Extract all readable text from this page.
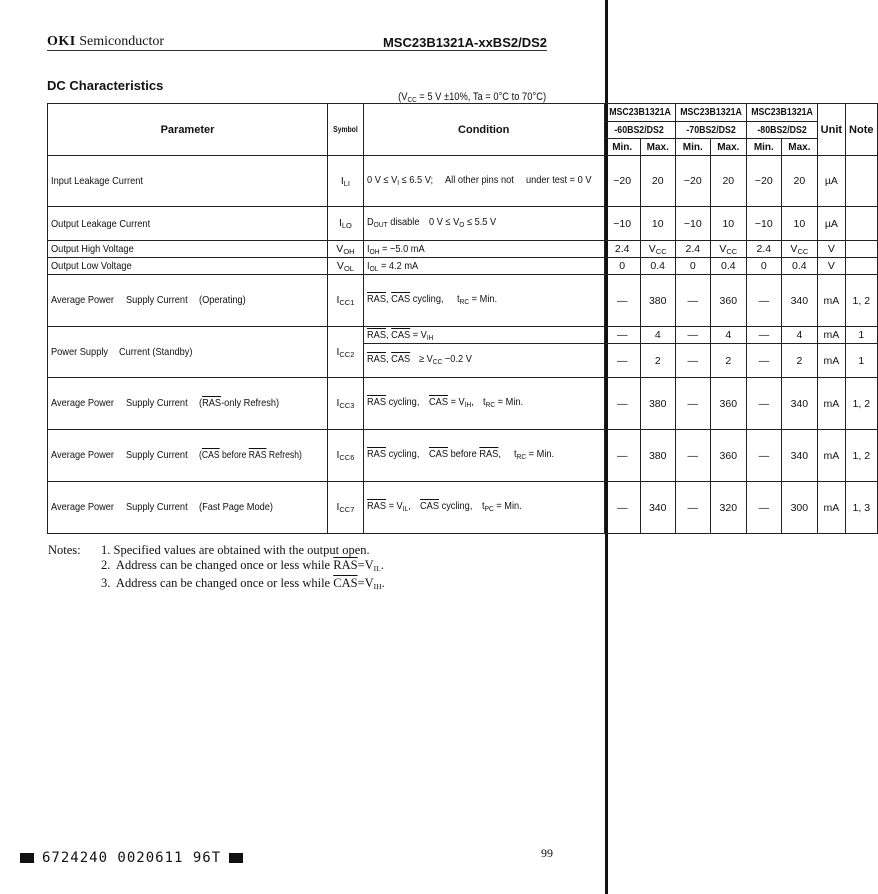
OKI Semiconductor	MSC23B1321A-xxBS2/DS2
DC Characteristics
($V_{CC} = 5$ V ±10%, Ta = 0°C to 70°C)
Parameter	Symbol	Condition	MSC23B1321A		MSC23B1321A		MSC23B1321A		Unit	Note
			-60BS2/DS2		-70BS2/DS2		-80BS2/DS2			
			Min.	Max.	Min.	Max.	Min.	Max.		
Input Leakage Current	$I_{LI}$	0 $V \le V_I \le 6.5$ V; All other pins not under test = 0 V	−20	20	−20	20	−20	20	µA	
Output Leakage Current	$I_{LO}$	$D_{OUT}$ disable 0 $V \le V_O \le 5.5$ V	−10	10	−10	10	−10	10	µA	
Output High Voltage	$V_{OH}$	$I_{OH} = -5.0$ mA	2.4	$V_{CC}$	2.4	$V_{CC}$	2.4	$V_{CC}$	V	
Output Low Voltage	$V_{OL}$	$I_{OL} = 4.2$ mA	0	0.4	0	0.4	0	0.4	V	
Average Power Supply Current (Operating)	$I_{CC1}$	$\overline{RAS}$, $\overline{CAS}$ cycling, $t_{RC}$ = Min.	—	380	—	360	—	340	mA	1, 2
Power Supply Current (Standby)	$I_{CC2}$	$\overline{RAS}$, $\overline{CAS} = V_{IH}$	—	4	—	4	—	4	mA	1
		$\overline{RAS}$, $\overline{CAS} \ge V_{CC} -0.2$ V	—	2	—	2	—	2	mA	1
Average Power Supply Current ($\overline{RAS}$-only Refresh)	$I_{CC3}$	$\overline{RAS}$ cycling, $\overline{CAS} = V_{IH}$, $t_{RC}$ = Min.	—	380	—	360	—	340	mA	1, 2
Average Power Supply Current ($\overline{CAS}$ before $\overline{RAS}$ Refresh)	$I_{CC6}$	$\overline{RAS}$ cycling, $\overline{CAS}$ before $\overline{RAS}$, $t_{RC}$ = Min.	—	380	—	360	—	340	mA	1, 2
Average Power Supply Current (Fast Page Mode)	$I_{CC7}$	$\overline{RAS} = V_{IL}$, $\overline{CAS}$ cycling, $t_{PC}$ = Min.	—	340	—	320	—	300	mA	1, 3
Notes: 1. Specified values are obtained with the output open.
2.  Address can be changed once or less while $\overline{RAS}=V_{IL}$.
3.  Address can be changed once or less while $\overline{CAS}=V_{IH}$.
6724240 0020611 96T	99
